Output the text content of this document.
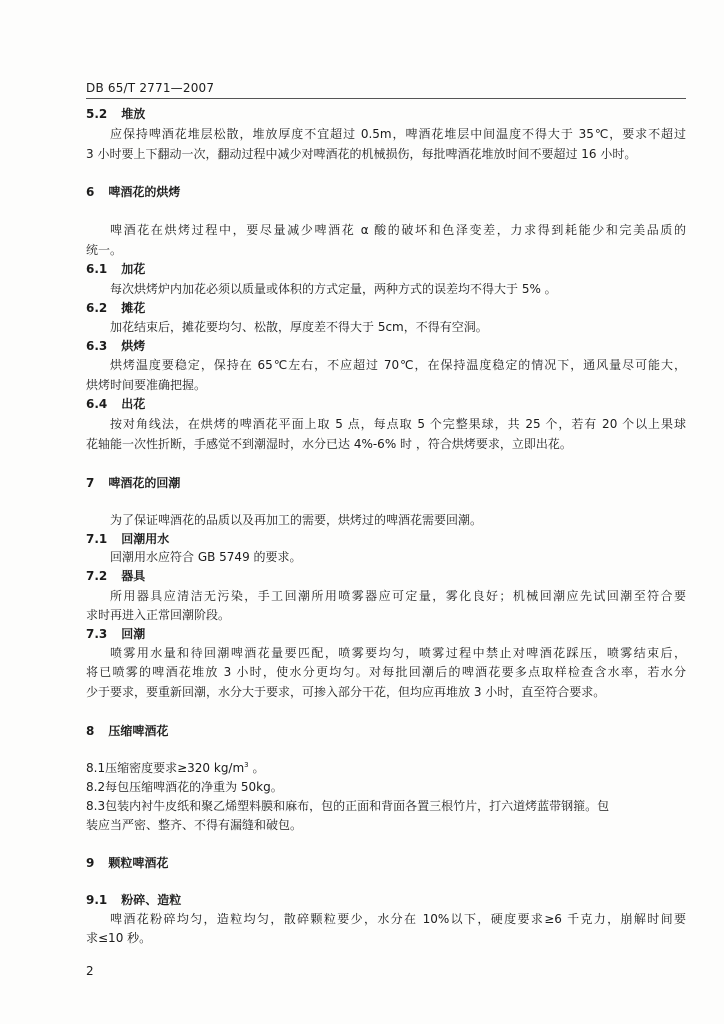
DB 65/T 2771—2007
5.2 堆放
应保持啤酒花堆层松散，堆放厚度不宜超过 0.5m，啤酒花堆层中间温度不得大于 35℃，要求不超过
3 小时要上下翻动一次，翻动过程中减少对啤酒花的机械损伤，每批啤酒花堆放时间不要超过 16 小时。
6 啤酒花的烘烤
啤酒花在烘烤过程中，要尽量减少啤酒花 α 酸的破坏和色泽变差，力求得到耗能少和完美品质的
统一。
6.1 加花
每次烘烤炉内加花必须以质量或体积的方式定量，两种方式的误差均不得大于 5% 。
6.2 摊花
加花结束后，摊花要均匀、松散，厚度差不得大于 5cm，不得有空洞。
6.3 烘烤
烘烤温度要稳定，保持在 65℃左右，不应超过 70℃，在保持温度稳定的情况下，通风量尽可能大，
烘烤时间要准确把握。
6.4 出花
按对角线法，在烘烤的啤酒花平面上取 5 点，每点取 5 个完整果球，共 25 个，若有 20 个以上果球
花轴能一次性折断，手感觉不到潮湿时，水分已达 4%-6% 时 ，符合烘烤要求，立即出花。
7 啤酒花的回潮
为了保证啤酒花的品质以及再加工的需要，烘烤过的啤酒花需要回潮。
7.1 回潮用水
回潮用水应符合 GB 5749 的要求。
7.2 器具
所用器具应清洁无污染，手工回潮所用喷雾器应可定量，雾化良好；机械回潮应先试回潮至符合要
求时再进入正常回潮阶段。
7.3 回潮
喷雾用水量和待回潮啤酒花量要匹配，喷雾要均匀，喷雾过程中禁止对啤酒花踩压，喷雾结束后，
将已喷雾的啤酒花堆放 3 小时，使水分更均匀。对每批回潮后的啤酒花要多点取样检查含水率，若水分
少于要求，要重新回潮，水分大于要求，可掺入部分干花，但均应再堆放 3 小时，直至符合要求。
8 压缩啤酒花
8.1压缩密度要求≥320 $kg/m^3$ 。
8.2每包压缩啤酒花的净重为 50kg。
8.3包装内衬牛皮纸和聚乙烯塑料膜和麻布，包的正面和背面各置三根竹片，打六道烤蓝带钢箍。包
装应当严密、整齐、不得有漏缝和破包。
9 颗粒啤酒花
9.1 粉碎、造粒
啤酒花粉碎均匀，造粒均匀，散碎颗粒要少，水分在 10%以下，硬度要求≥6 千克力，崩解时间要
求≤10 秒。
2
